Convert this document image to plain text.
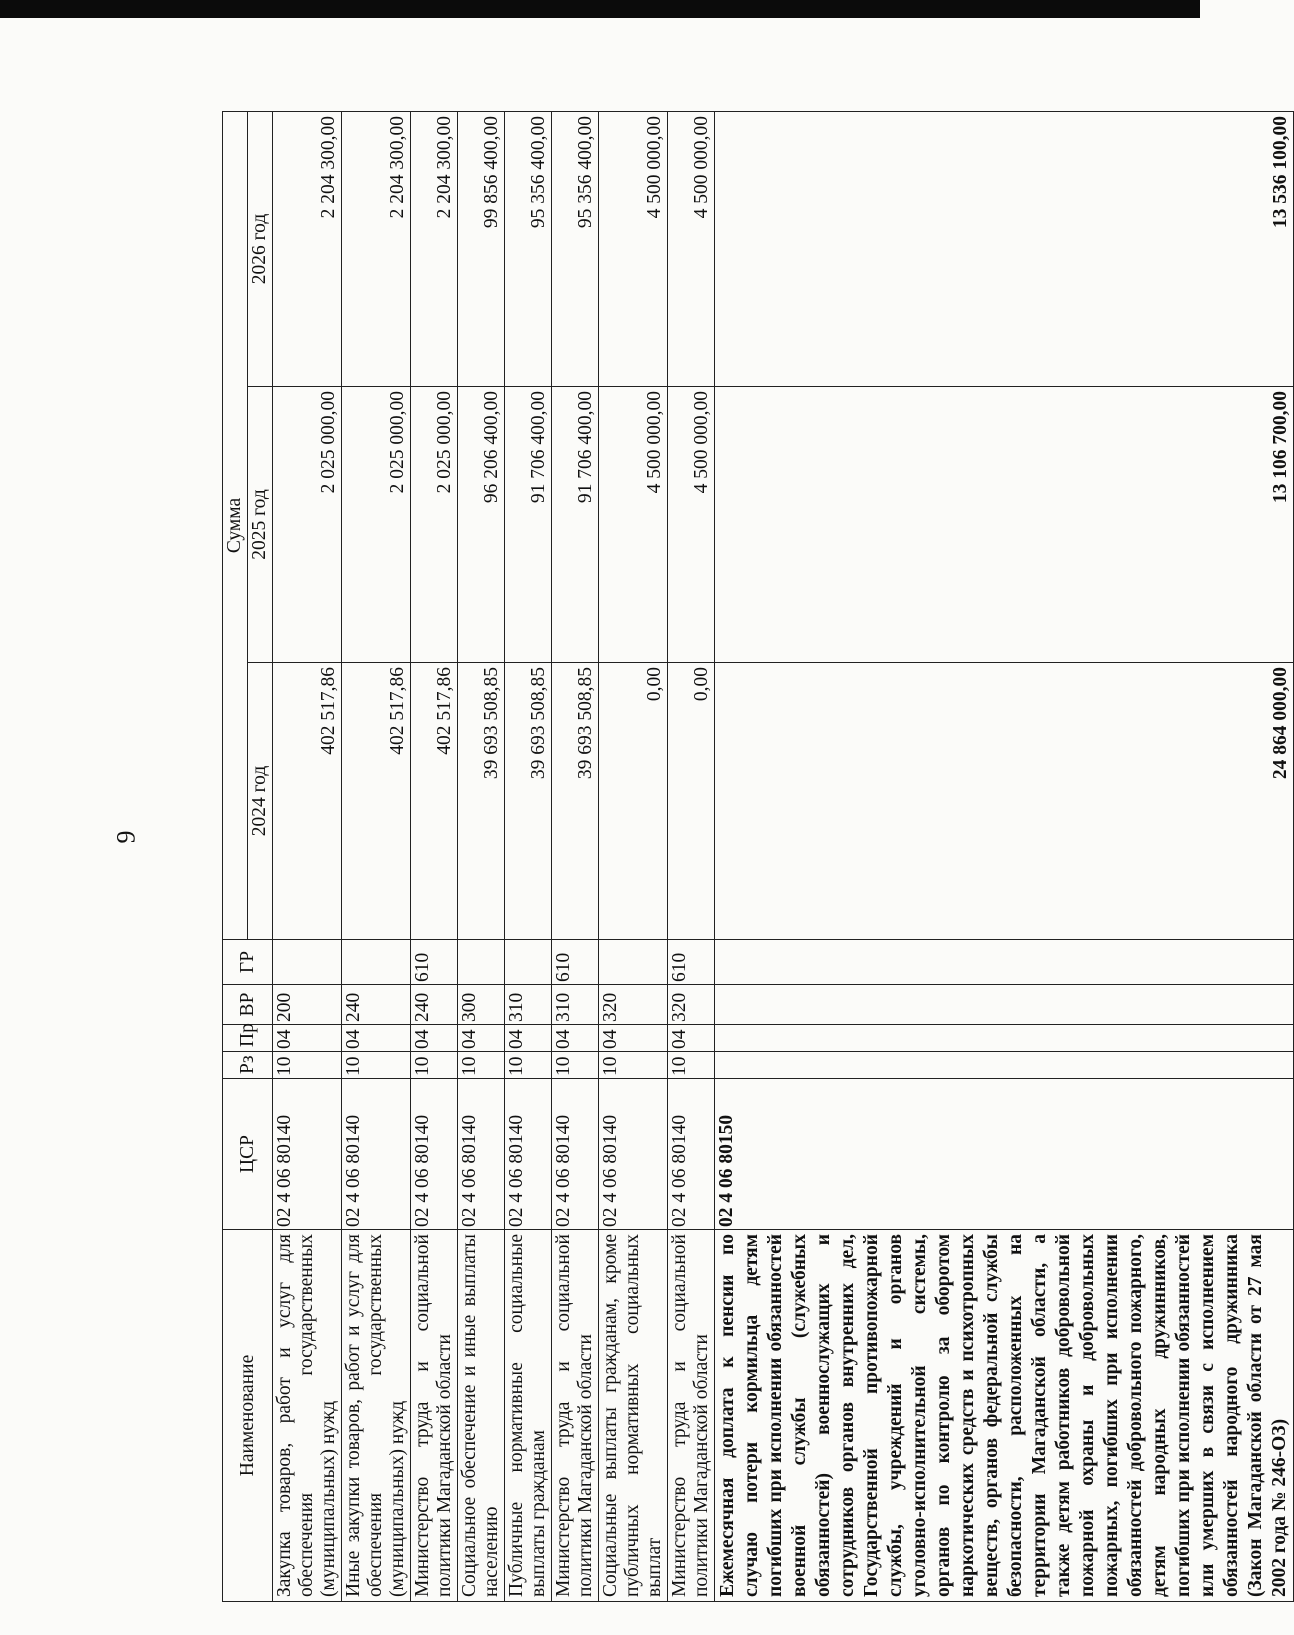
9
Наименование	ЦСР	Рз	Пр	ВР	ГР	Сумма		
						2024 год	2025 год	2026 год
Закупка товаров, работ и услуг для обеспечения государственных (муниципальных) нужд	02 4 06 80140	10	04	200		402 517,86	2 025 000,00	2 204 300,00
Иные закупки товаров, работ и услуг для обеспечения государственных (муниципальных) нужд	02 4 06 80140	10	04	240		402 517,86	2 025 000,00	2 204 300,00
Министерство труда и социальной политики Магаданской области	02 4 06 80140	10	04	240	610	402 517,86	2 025 000,00	2 204 300,00
Социальное обеспечение и иные выплаты населению	02 4 06 80140	10	04	300		39 693 508,85	96 206 400,00	99 856 400,00
Публичные нормативные социальные выплаты гражданам	02 4 06 80140	10	04	310		39 693 508,85	91 706 400,00	95 356 400,00
Министерство труда и социальной политики Магаданской области	02 4 06 80140	10	04	310	610	39 693 508,85	91 706 400,00	95 356 400,00
Социальные выплаты гражданам, кроме публичных нормативных социальных выплат	02 4 06 80140	10	04	320		0,00	4 500 000,00	4 500 000,00
Министерство труда и социальной политики Магаданской области	02 4 06 80140	10	04	320	610	0,00	4 500 000,00	4 500 000,00
Ежемесячная доплата к пенсии по случаю потери кормильца детям погибших при исполнении обязанностей военной службы (служебных обязанностей) военнослужащих и сотрудников органов внутренних дел, Государственной противопожарной службы, учреждений и органов уголовно-исполнительной системы, органов по контролю за оборотом наркотических средств и психотропных веществ, органов федеральной службы безопасности, расположенных на территории Магаданской области, а также детям работников добровольной пожарной охраны и добровольных пожарных, погибших при исполнении обязанностей добровольного пожарного, детям народных дружинников, погибших при исполнении обязанностей или умерших в связи с исполнением обязанностей народного дружинника (Закон Магаданской области от 27 мая 2002 года № 246-ОЗ)	02 4 06 80150					24 864 000,00	13 106 700,00	13 536 100,00
